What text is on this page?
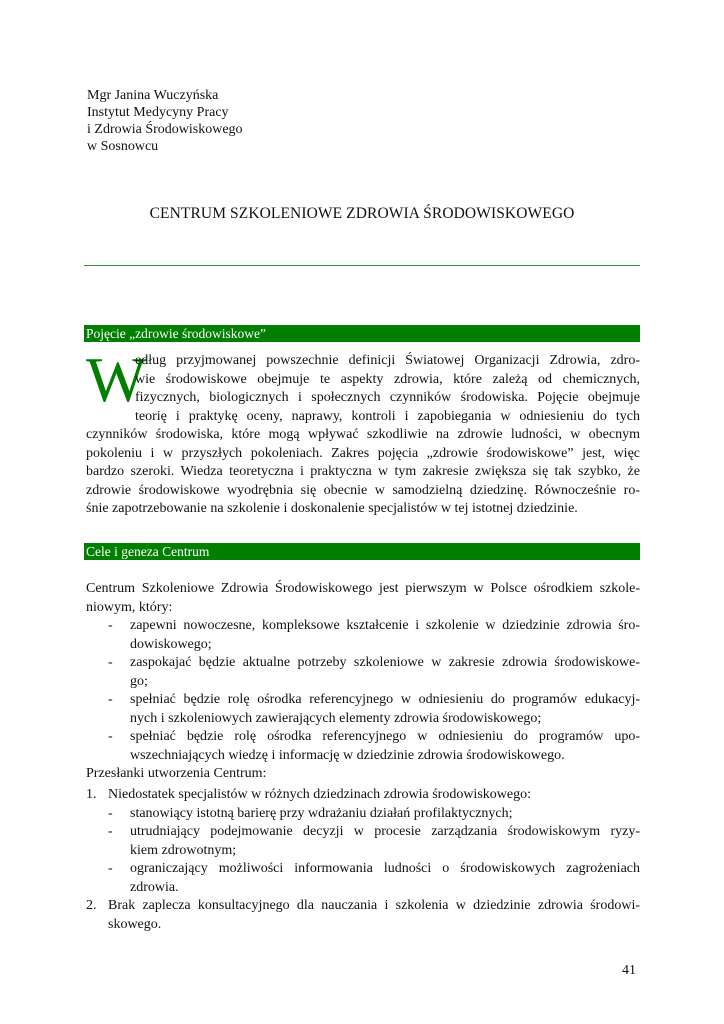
Mgr Janina Wuczyńska
Instytut Medycyny Pracy
i Zdrowia Środowiskowego
w Sosnowcu
CENTRUM SZKOLENIOWE ZDROWIA ŚRODOWISKOWEGO
Pojęcie „zdrowie środowiskowe”
W
edług przyjmowanej powszechnie definicji Światowej Organizacji Zdrowia, zdro-
wie środowiskowe obejmuje te aspekty zdrowia, które zależą od chemicznych,
fizycznych, biologicznych i społecznych czynników środowiska. Pojęcie obejmuje
teorię i praktykę oceny, naprawy, kontroli i zapobiegania w odniesieniu do tych
czynników środowiska, które mogą wpływać szkodliwie na zdrowie ludności, w obecnym
pokoleniu i w przyszłych pokoleniach. Zakres pojęcia „zdrowie środowiskowe” jest, więc
bardzo szeroki. Wiedza teoretyczna i praktyczna w tym zakresie zwiększa się tak szybko, że
zdrowie środowiskowe wyodrębnia się obecnie w samodzielną dziedzinę. Równocześnie ro-
śnie zapotrzebowanie na szkolenie i doskonalenie specjalistów w tej istotnej dziedzinie.
Cele i geneza Centrum
Centrum Szkoleniowe Zdrowia Środowiskowego jest pierwszym w Polsce ośrodkiem szkole-
niowym, który:
- zapewni nowoczesne, kompleksowe kształcenie i szkolenie w dziedzinie zdrowia śro-
dowiskowego;
- zaspokajać będzie aktualne potrzeby szkoleniowe w zakresie zdrowia środowiskowe-
go;
- spełniać będzie rolę ośrodka referencyjnego w odniesieniu do programów edukacyj-
nych i szkoleniowych zawierających elementy zdrowia środowiskowego;
- spełniać będzie rolę ośrodka referencyjnego w odniesieniu do programów upo-
wszechniających wiedzę i informację w dziedzinie zdrowia środowiskowego.
Przesłanki utworzenia Centrum:
1. Niedostatek specjalistów w różnych dziedzinach zdrowia środowiskowego:
- stanowiący istotną barierę przy wdrażaniu działań profilaktycznych;
- utrudniający podejmowanie decyzji w procesie zarządzania środowiskowym ryzy-
kiem zdrowotnym;
- ograniczający możliwości informowania ludności o środowiskowych zagrożeniach
zdrowia.
2. Brak zaplecza konsultacyjnego dla nauczania i szkolenia w dziedzinie zdrowia środowi-
skowego.
41
